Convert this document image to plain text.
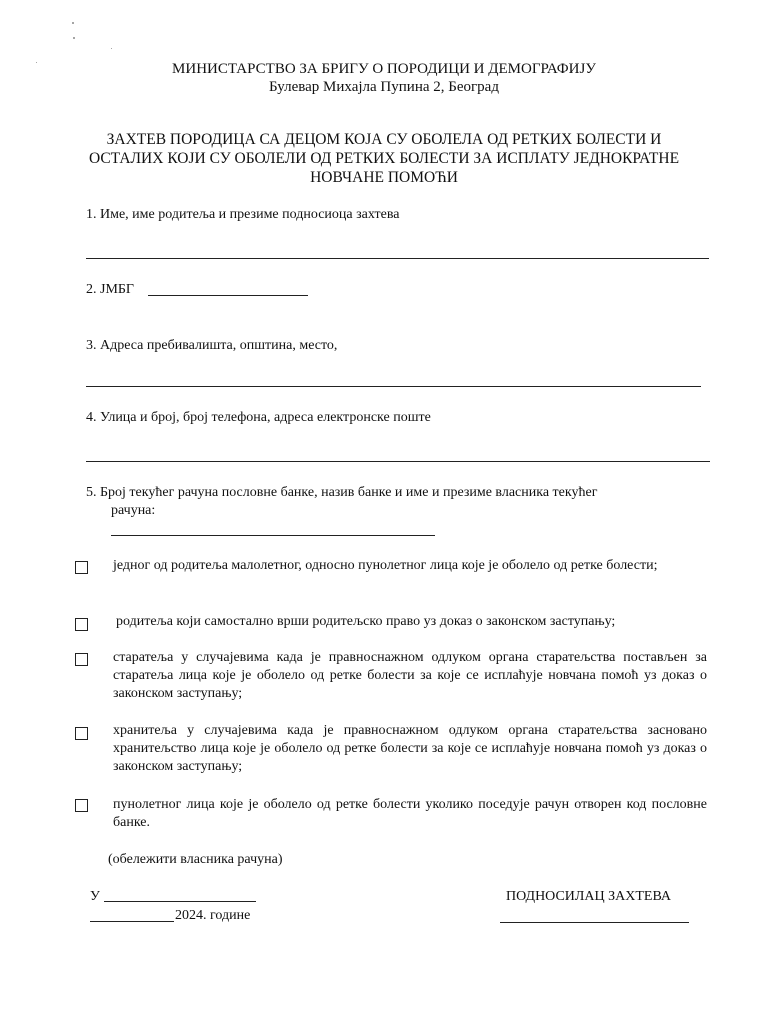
МИНИСТАРСТВО ЗА БРИГУ О ПОРОДИЦИ И ДЕМОГРАФИЈУ
Булевар Михајла Пупина 2, Београд
ЗАХТЕВ ПОРОДИЦА СА ДЕЦОМ КОЈА СУ ОБОЛЕЛА ОД РЕТКИХ БОЛЕСТИ И
ОСТАЛИХ КОЈИ СУ ОБОЛЕЛИ ОД РЕТКИХ БОЛЕСТИ ЗА ИСПЛАТУ ЈЕДНОКРАТНЕ
НОВЧАНЕ ПОМОЋИ
1. Име, име родитеља и презиме подносиоца захтева
2. ЈМБГ
3. Адреса пребивалишта, општина, место,
4. Улица и број, број телефона, адреса електронске поште
5. Број текућег рачуна пословне банке, назив банке и име и презиме власника текућег
рачуна:
једног од родитеља малолетног, односно пунолетног лица које је оболело од ретке болести;
родитеља који самостално врши родитељско право уз доказ о законском заступању;
старатеља у случајевима када је правноснажном одлуком органа старатељства постављен за старатеља лица које је оболело од ретке болести за које се исплаћује новчана помоћ уз доказ о законском заступању;
хранитеља у случајевима када је правноснажном одлуком органа старатељства засновано хранитељство лица које је оболело од ретке болести за које се исплаћује новчана помоћ уз доказ о законском заступању;
пунолетног лица које је оболело од ретке болести уколико поседује рачун отворен код пословне банке.
(обележити власника рачуна)
У
2024. године
ПОДНОСИЛАЦ ЗАХТЕВА
